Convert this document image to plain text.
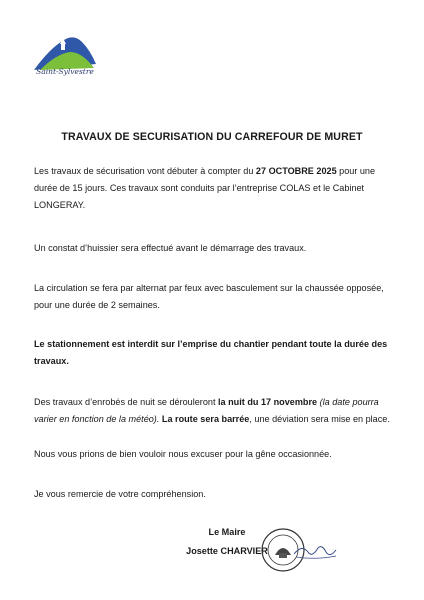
Saint-Sylvestre
TRAVAUX DE SECURISATION DU CARREFOUR DE MURET
Les travaux de sécurisation vont débuter à compter du 27 OCTOBRE 2025 pour une durée de 15 jours. Ces travaux sont conduits par l’entreprise COLAS et le Cabinet LONGERAY.
Un constat d’huissier sera effectué avant le démarrage des travaux.
La circulation se fera par alternat par feux avec basculement sur la chaussée opposée, pour une durée de 2 semaines.
Le stationnement est interdit sur l’emprise du chantier pendant toute la durée des travaux.
Des travaux d’enrobés de nuit se dérouleront la nuit du 17 novembre (la date pourra varier en fonction de la météo). La route sera barrée, une déviation sera mise en place.
Nous vous prions de bien vouloir nous excuser pour la gêne occasionnée.
Je vous remercie de votre compréhension.
Le Maire
Josette CHARVIER
